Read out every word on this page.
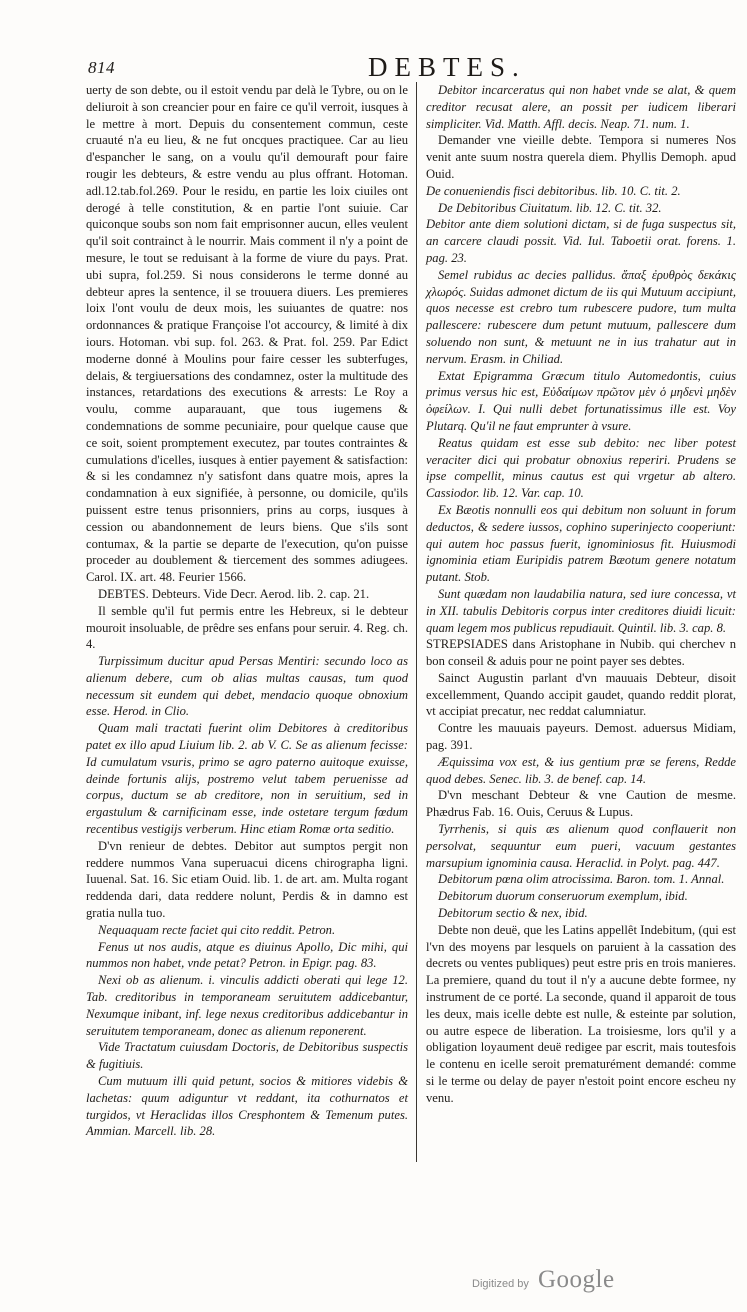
814	DEBTES.

uerty de son debte, ou il estoit vendu par delà le Tybre, ou on le deliuroit à son creancier pour en faire ce qu'il verroit, iusques à le mettre à mort. Depuis du consentement commun, ceste cruauté n'a eu lieu, & ne fut oncques practiquee. Car au lieu d'espancher le sang, on a voulu qu'il demouraft pour faire rougir les debteurs, & estre vendu au plus offrant. Hotoman. adl.12.tab.fol.269. Pour le residu, en partie les loix ciuiles ont derogé à telle constitution, & en partie l'ont suiuie. Car quiconque soubs son nom fait emprisonner aucun, elles veulent qu'il soit contrainct à le nourrir. Mais comment il n'y a point de mesure, le tout se reduisant à la forme de viure du pays. Prat. ubi supra, fol.259. Si nous considerons le terme donné au debteur apres la sentence, il se trouuera diuers. Les premieres loix l'ont voulu de deux mois, les suiuantes de quatre: nos ordonnances & pratique Françoise l'ot accourcy, & limité à dix iours. Hotoman. vbi sup. fol. 263. & Prat. fol. 259. Par Edict moderne donné à Moulins pour faire cesser les subterfuges, delais, & tergiuersations des condamnez, oster la multitude des instances, retardations des executions & arrests: Le Roy a voulu, comme auparauant, que tous iugemens & condemnations de somme pecuniaire, pour quelque cause que ce soit, soient promptement executez, par toutes contraintes & cumulations d'icelles, iusques à entier payement & satisfaction: & si les condamnez n'y satisfont dans quatre mois, apres la condamnation à eux signifiée, à personne, ou domicile, qu'ils puissent estre tenus prisonniers, prins au corps, iusques à cession ou abandonnement de leurs biens. Que s'ils sont contumax, & la partie se departe de l'execution, qu'on puisse proceder au doublement & tiercement des sommes adiugees. Carol. IX. art. 48. Feurier 1566.

DEBTES. Debteurs. Vide Decr. Aerod. lib. 2. cap. 21.

Il semble qu'il fut permis entre les Hebreux, si le debteur mouroit insoluable, de prêdre ses enfans pour seruir. 4. Reg. ch. 4.

Turpissimum ducitur apud Persas Mentiri: secundo loco as alienum debere, cum ob alias multas causas, tum quod necessum sit eundem qui debet, mendacio quoque obnoxium esse. Herod. in Clio.

Quam mali tractati fuerint olim Debitores à creditoribus patet ex illo apud Liuium lib. 2. ab V. C. Se as alienum fecisse: Id cumulatum vsuris, primo se agro paterno auitoque exuisse, deinde fortunis alijs, postremo velut tabem peruenisse ad corpus, ductum se ab creditore, non in seruitium, sed in ergastulum & carnificinam esse, inde ostetare tergum fœdum recentibus vestigijs verberum. Hinc etiam Romæ orta seditio.

D'vn renieur de debtes. Debitor aut sumptos pergit non reddere nummos Vana superuacui dicens chirographa ligni. Iuuenal. Sat. 16. Sic etiam Ouid. lib. 1. de art. am. Multa rogant reddenda dari, data reddere nolunt, Perdis & in damno est gratia nulla tuo.

Nequaquam recte faciet qui cito reddit. Petron.

Fenus ut nos audis, atque es diuinus Apollo, Dic mihi, qui nummos non habet, vnde petat? Petron. in Epigr. pag. 83.

Nexi ob as alienum. i. vinculis addicti oberati qui lege 12. Tab. creditoribus in temporaneam seruitutem addicebantur, Nexumque inibant, inf. lege nexus creditoribus addicebantur in seruitutem temporaneam, donec as alienum reponerent.

Vide Tractatum cuiusdam Doctoris, de Debitoribus suspectis & fugitiuis.

Cum mutuum illi quid petunt, socios & mitiores videbis & lachetas: quum adiguntur vt reddant, ita cothurnatos et turgidos, vt Heraclidas illos Cresphontem & Temenum putes. Ammian. Marcell. lib. 28.

Debitor incarceratus qui non habet vnde se alat, & quem creditor recusat alere, an possit per iudicem liberari simpliciter. Vid. Matth. Affl. decis. Neap. 71. num. 1.

Demander vne vieille debte. Tempora si numeres Nos venit ante suum nostra querela diem. Phyllis Demoph. apud Ouid.

De conueniendis fisci debitoribus. lib. 10. C. tit. 2.

De Debitoribus Ciuitatum. lib. 12. C. tit. 32.

Debitor ante diem solutioni dictam, si de fuga suspectus sit, an carcere claudi possit. Vid. Iul. Taboetii orat. forens. 1. pag. 23.

Semel rubidus ac decies pallidus. ἅπαξ ἐρυθρὸς δεκάκις χλωρός. Suidas admonet dictum de iis qui Mutuum accipiunt, quos necesse est crebro tum rubescere pudore, tum multa pallescere: rubescere dum petunt mutuum, pallescere dum soluendo non sunt, & metuunt ne in ius trahatur aut in nervum. Erasm. in Chiliad.

Extat Epigramma Græcum titulo Automedontis, cuius primus versus hic est, Εὐδαίμων πρῶτον μὲν ὁ μηδενὶ μηδὲν ὀφείλων. I. Qui nulli debet fortunatissimus ille est. Voy Plutarq. Qu'il ne faut emprunter à vsure.

Reatus quidam est esse sub debito: nec liber potest veraciter dici qui probatur obnoxius reperiri. Prudens se ipse compellit, minus cautus est qui vrgetur ab altero. Cassiodor. lib. 12. Var. cap. 10.

Ex Bæotis nonnulli eos qui debitum non soluunt in forum deductos, & sedere iussos, cophino superinjecto cooperiunt: qui autem hoc passus fuerit, ignominiosus fit. Huiusmodi ignominia etiam Euripidis patrem Bæotum genere notatum putant. Stob.

Sunt quædam non laudabilia natura, sed iure concessa, vt in XII. tabulis Debitoris corpus inter creditores diuidi licuit: quam legem mos publicus repudiauit. Quintil. lib. 3. cap. 8.

STREPSIADES dans Aristophane in Nubib. qui cherchev n bon conseil & aduis pour ne point payer ses debtes.

Sainct Augustin parlant d'vn mauuais Debteur, disoit excellemment, Quando accipit gaudet, quando reddit plorat, vt accipiat precatur, nec reddat calumniatur.

Contre les mauuais payeurs. Demost. aduersus Midiam, pag. 391.

Æquissima vox est, & ius gentium præ se ferens, Redde quod debes. Senec. lib. 3. de benef. cap. 14.

D'vn meschant Debteur & vne Caution de mesme. Phædrus Fab. 16. Ouis, Ceruus & Lupus.

Tyrrhenis, si quis æs alienum quod conflauerit non persolvat, sequuntur eum pueri, vacuum gestantes marsupium ignominia causa. Heraclid. in Polyt. pag. 447.

Debitorum pœna olim atrocissima. Baron. tom. 1. Annal.

Debitorum duorum conseruorum exemplum, ibid.

Debitorum sectio & nex, ibid.

Debte non deuë, que les Latins appellêt Indebitum, (qui est l'vn des moyens par lesquels on paruient à la cassation des decrets ou ventes publiques) peut estre pris en trois manieres. La premiere, quand du tout il n'y a aucune debte formee, ny instrument de ce porté. La seconde, quand il apparoit de tous les deux, mais icelle debte est nulle, & esteinte par solution, ou autre espece de liberation. La troisiesme, lors qu'il y a obligation loyaument deuë redigee par escrit, mais toutesfois le contenu en icelle seroit prematurément demandé: comme si le terme ou delay de payer n'estoit point encore escheu ny venu.

Digitized by Google
